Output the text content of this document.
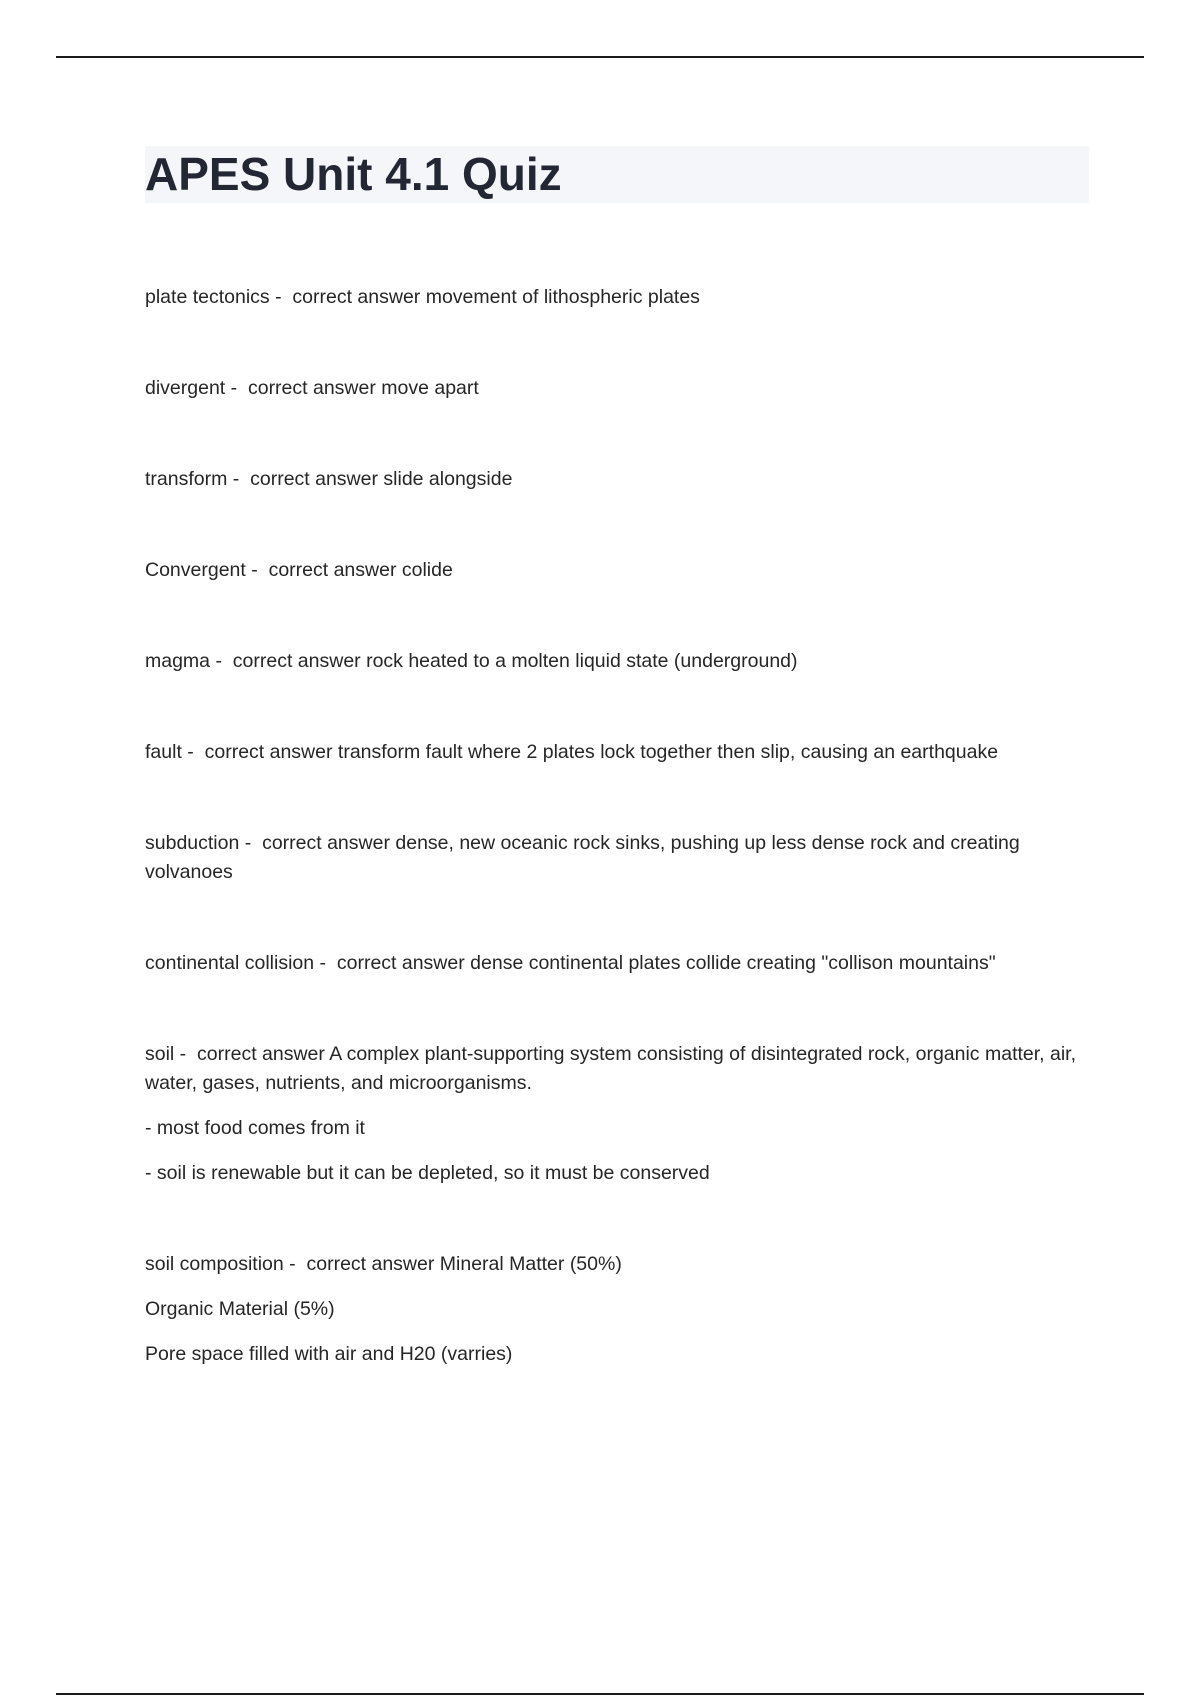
APES Unit 4.1 Quiz

plate tectonics -  correct answer movement of lithospheric plates

divergent -  correct answer move apart

transform -  correct answer slide alongside

Convergent -  correct answer colide

magma -  correct answer rock heated to a molten liquid state (underground)

fault -  correct answer transform fault where 2 plates lock together then slip, causing an earthquake

subduction -  correct answer dense, new oceanic rock sinks, pushing up less dense rock and creating volvanoes

continental collision -  correct answer dense continental plates collide creating "collison mountains"

soil -  correct answer A complex plant-supporting system consisting of disintegrated rock, organic matter, air, water, gases, nutrients, and microorganisms.

- most food comes from it

- soil is renewable but it can be depleted, so it must be conserved

soil composition -  correct answer Mineral Matter (50%)

Organic Material (5%)

Pore space filled with air and H20 (varries)
